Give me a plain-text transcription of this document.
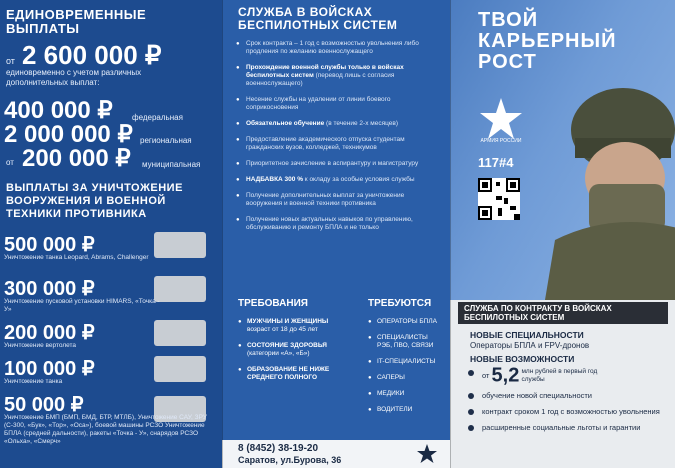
ЕДИНОВРЕМЕННЫЕ ВЫПЛАТЫ
от 2 600 000 ₽
единовременно с учетом различных дополнительных выплат:
400 000 ₽ федеральная
2 000 000 ₽ региональная
от 200 000 ₽ муниципальная
ВЫПЛАТЫ ЗА УНИЧТОЖЕНИЕ ВООРУЖЕНИЯ И ВОЕННОЙ ТЕХНИКИ ПРОТИВНИКА
500 000 ₽
Уничтожение танка Leopard, Abrams, Challenger
300 000 ₽
Уничтожение пусковой установки HIMARS, «Точка - У»
200 000 ₽
Уничтожение вертолета
100 000 ₽
Уничтожение танка
50 000 ₽
Уничтожение БМП (БМП, БМД, БТР, МТЛБ), Уничтожение САУ, ЗРУ (С-300, «Бук», «Тор», «Оса»), боевой машины РСЗО Уничтожение БПЛА (средней дальности), ракеты «Точка - У», снарядов РСЗО «Ольха», «Смерч»
СЛУЖБА В ВОЙСКАХ БЕСПИЛОТНЫХ СИСТЕМ
● Срок контракта – 1 год с возможностью увольнения либо продления по желанию военнослужащего
● Прохождение военной службы только в войсках беспилотных систем (перевод лишь с согласия военнослужащего)
● Несение службы на удалении от линии боевого соприкосновения
● Обязательное обучение (в течение 2-х месяцев)
● Предоставление академического отпуска студентам гражданских вузов, колледжей, техникумов
● Приоритетное зачисление в аспирантуру и магистратуру
● НАДБАВКА 300 % к окладу за особые условия службы
● Получение дополнительных выплат за уничтожение вооружения и военной техники противника
● Получение новых актуальных навыков по управлению, обслуживанию и ремонту БПЛА и не только
ТРЕБОВАНИЯ
● МУЖЧИНЫ И ЖЕНЩИНЫ
возраст от 18 до 45 лет
● СОСТОЯНИЕ ЗДОРОВЬЯ
(категории «А», «Б»)
● ОБРАЗОВАНИЕ НЕ НИЖЕ СРЕДНЕГО ПОЛНОГО
ТРЕБУЮТСЯ
● ОПЕРАТОРЫ БПЛА
● СПЕЦИАЛИСТЫ РЭБ, ПВО, СВЯЗИ
● IT-СПЕЦИАЛИСТЫ
● САПЕРЫ
● МЕДИКИ
● ВОДИТЕЛИ
8 (8452) 38-19-20
Саратов, ул.Бурова, 36
ТВОЙ КАРЬЕРНЫЙ РОСТ
АРМИЯ РОССИИ
117#4
СЛУЖБА ПО КОНТРАКТУ В ВОЙСКАХ БЕСПИЛОТНЫХ СИСТЕМ
НОВЫЕ СПЕЦИАЛЬНОСТИ
Операторы БПЛА и FPV-дронов
НОВЫЕ ВОЗМОЖНОСТИ
от 5,2 млн рублей в первый год службы
обучение новой специальности
контракт сроком 1 год с возможностью увольнения
расширенные социальные льготы и гарантии
